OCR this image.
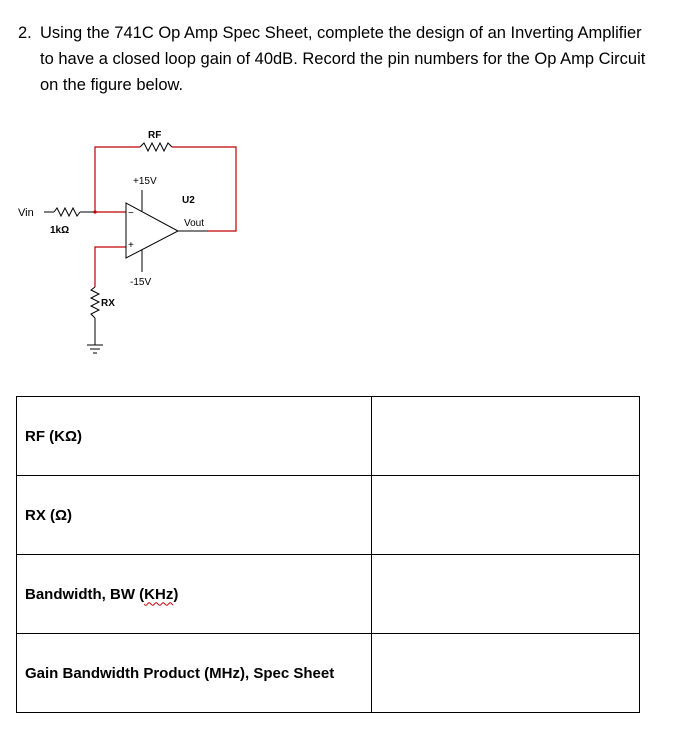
2. Using the 741C Op Amp Spec Sheet, complete the design of an Inverting Amplifier to have a closed loop gain of 40dB. Record the pin numbers for the Op Amp Circuit on the figure below.
RF
Vin
1kΩ
RX
−
+
+15V
-15V
U2
Vout
RF (KΩ)	
RX (Ω)	
Bandwidth, BW (KHz)	
Gain Bandwidth Product (MHz), Spec Sheet	
